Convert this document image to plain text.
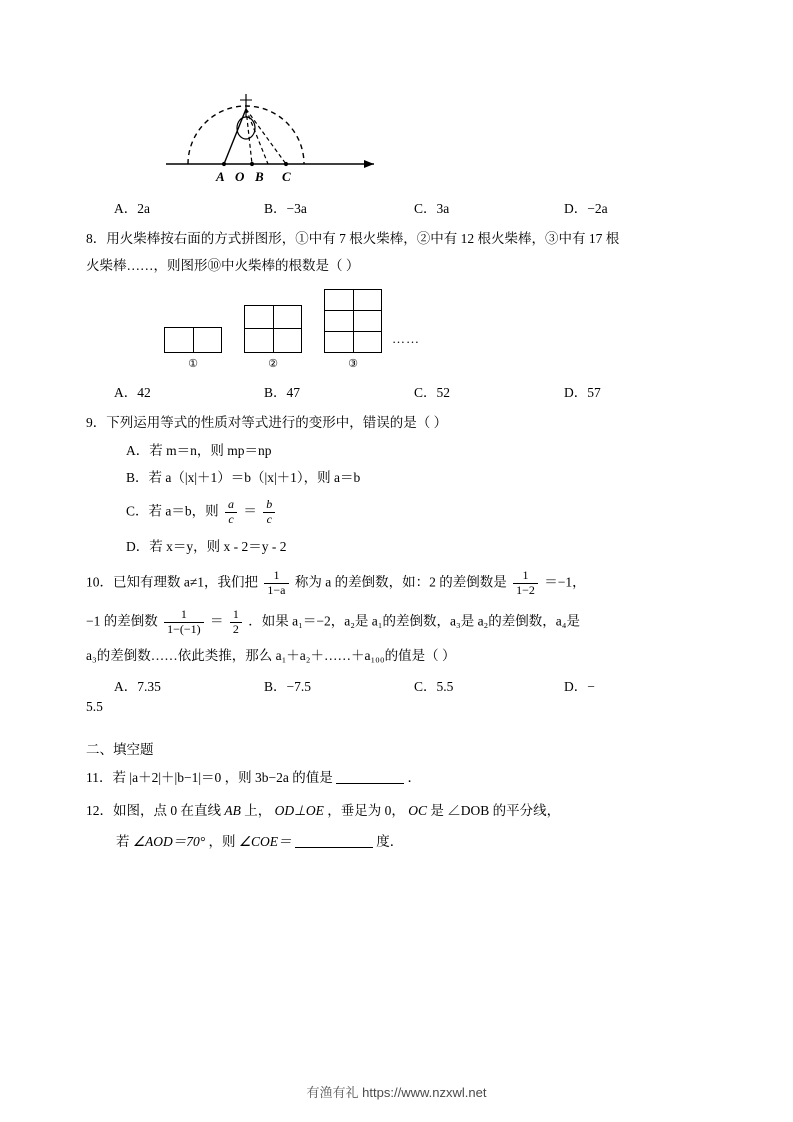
A O B C
A．2a	B．−3a	C．3a	D．−2a
8．用火柴棒按右面的方式拼图形，①中有 7 根火柴棒，②中有 12 根火柴棒，③中有 17 根
火柴棒……，则图形⑩中火柴棒的根数是（ ）
……
①	②	③
A．42	B．47	C．52	D．57
9．下列运用等式的性质对等式进行的变形中，错误的是（ ）
A．若 m＝n，则 mp＝np
B．若 a（|x|＋1）＝b（|x|＋1），则 a＝b
C．若 a＝b，则 $\frac{a}{c} = \frac{b}{c}$
D．若 x＝y，则 x - 2＝y - 2
10．已知有理数 a≠1，我们把 $\frac{1}{1-a}$ 称为 a 的差倒数，如：2 的差倒数是 $\frac{1}{1-2} =-1$，
−1 的差倒数 $\frac{1}{1-(-1)} = \frac{1}{2}$ ．如果 a₁＝−2，a₂是 a₁的差倒数，a₃是 a₂的差倒数，a₄是
a₃的差倒数……依此类推，那么 a₁＋a₂＋……＋a₁₀₀的值是（ ）
A．7.35	B．−7.5	C．5.5	D．−
5.5
二、填空题
11．若 |a＋2|＋|b−1|＝0 ，则 3b−2a 的值是	．
12．如图，点 0 在直线 AB 上， OD⊥OE ，垂足为 0， OC 是 ∠DOB 的平分线，
若 ∠AOD＝70° ，则 ∠COE＝	度．
有渔有礼 https://www.nzxwl.net
